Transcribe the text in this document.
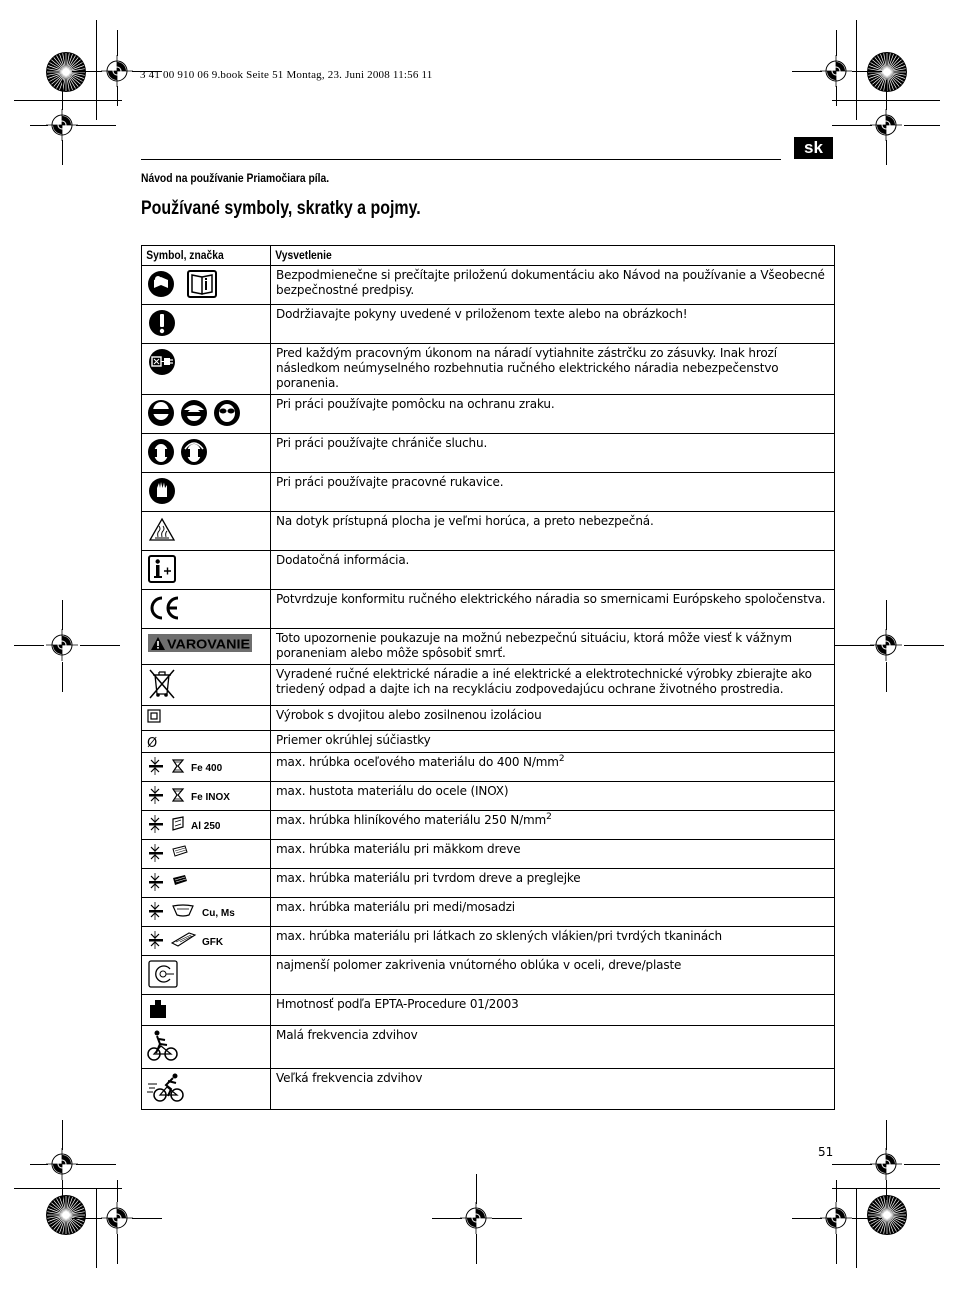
3 41 00 910 06 9.book Seite 51 Montag, 23. Juni 2008 11:56 11
sk
Návod na používanie Priamočiara píla.
Používané symboly, skratky a pojmy.
Symbol, značka	Vysvetlenie

	Bezpodmienečne si prečítajte priloženú dokumentáciu ako Návod na používanie a Všeobecné bezpečnostné predpisy.

	Dodržiavajte pokyny uvedené v priloženom texte alebo na obrázkoch!

	Pred každým pracovným úkonom na náradí vytiahnite zástrčku zo zásuvky. Inak hrozí následkom neúmyselného rozbehnutia ručného elektrického náradia nebezpečenstvo poranenia.

	Pri práci používajte pomôcku na ochranu zraku.

	Pri práci používajte chrániče sluchu.

	Pri práci používajte pracovné rukavice.

	Na dotyk prístupná plocha je veľmi horúca, a preto nebezpečná.

	Dodatočná informácia.

	Potvrdzuje konformitu ručného elektrického náradia so smernicami Európskeho spoločenstva.

VAROVANIE	Toto upozornenie poukazuje na možnú nebezpečnú situáciu, ktorá môže viesť k vážnym poraneniam alebo môže spôsobiť smrť.

	Vyradené ručné elektrické náradie a iné elektrické a elektrotechnické výrobky zbierajte ako triedený odpad a dajte ich na recykláciu zodpovedajúcu ochrane životného prostredia.

	Výrobok s dvojitou alebo zosilnenou izoláciou
Ø	Priemer okrúhlej súčiastky

Fe 400	max. hrúbka oceľového materiálu do 400 $N/mm^2$

Fe INOX	max. hustota materiálu do ocele (INOX)

Al 250	max. hrúbka hliníkového materiálu 250 $N/mm^2$

	max. hrúbka materiálu pri mäkkom dreve

	max. hrúbka materiálu pri tvrdom dreve a preglejke

Cu, Ms	max. hrúbka materiálu pri medi/mosadzi

GFK	max. hrúbka materiálu pri látkach zo sklených vlákien/pri tvrdých tkaninách

	najmenší polomer zakrivenia vnútorného oblúka v oceli, dreve/plaste

	Hmotnosť podľa EPTA-Procedure 01/2003

	Malá frekvencia zdvihov

	Veľká frekvencia zdvihov
51
